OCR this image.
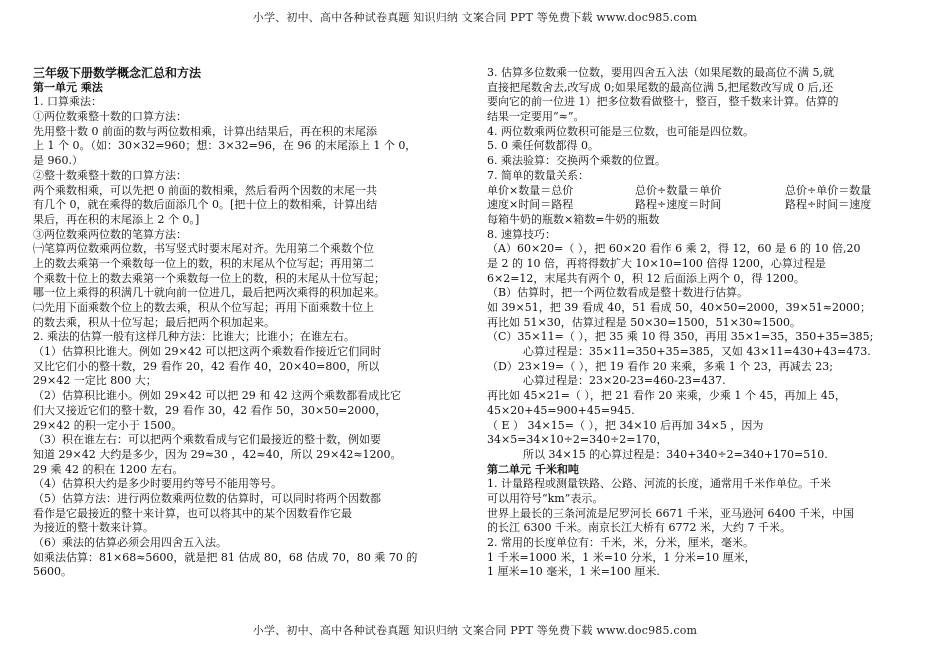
小学、初中、高中各种试卷真题 知识归纳 文案合同 PPT 等免费下载 www.doc985.com
三年级下册数学概念汇总和方法
第一单元 乘法
1. 口算乘法：
①两位数乘整十数的口算方法：
先用整十数 0 前面的数与两位数相乘，计算出结果后，再在积的末尾添
上 1 个 0。（如：30×32=960；想：3×32=96，在 96 的末尾添上 1 个 0，
是 960.）
②整十数乘整十数的口算方法：
两个乘数相乘，可以先把 0 前面的数相乘，然后看两个因数的末尾一共
有几个 0，就在乘得的数后面添几个 0。[把十位上的数相乘，计算出结
果后，再在积的末尾添上 2 个 0。]
③两位数乘两位数的笔算方法：
㈠笔算两位数乘两位数，书写竖式时要末尾对齐。先用第二个乘数个位
上的数去乘第一个乘数每一位上的数，积的末尾从个位写起；再用第二
个乘数十位上的数去乘第一个乘数每一位上的数，积的末尾从十位写起；
哪一位上乘得的积满几十就向前一位进几，最后把两次乘得的积加起来。
㈡先用下面乘数个位上的数去乘，积从个位写起；再用下面乘数十位上
的数去乘，积从十位写起；最后把两个积加起来。
2. 乘法的估算一般有这样几种方法：比谁大；比谁小；在谁左右。
（1）估算积比谁大。例如 29×42 可以把这两个乘数看作接近它们同时
又比它们小的整十数，29 看作 20，42 看作 40，20×40=800，所以
29×42 一定比 800 大；
（2）估算积比谁小。例如 29×42 可以把 29 和 42 这两个乘数都看成比它
们大又接近它们的整十数，29 看作 30，42 看作 50，30×50=2000，
29×42 的积一定小于 1500。
（3）积在谁左右：可以把两个乘数看成与它们最接近的整十数，例如要
知道 29×42 大约是多少，因为 29≈30 ，42≈40，所以 29×42≈1200。
29 乘 42 的积在 1200 左右。
（4）估算积大约是多少时要用约等号不能用等号。
（5）估算方法：进行两位数乘两位数的估算时，可以同时将两个因数都
看作是它最接近的整十来计算，也可以将其中的某个因数看作它最
为接近的整十数来计算。
（6）乘法的估算必须会用四舍五入法。
如乘法估算：81×68≈5600，就是把 81 估成 80，68 估成 70，80 乘 70 的
5600。
3. 估算多位数乘一位数，要用四舍五入法（如果尾数的最高位不满 5,就
直接把尾数舍去,改写成 0;如果尾数的最高位满 5,把尾数改写成 0 后,还
要向它的前一位进 1）把多位数看做整十，整百，整千数来计算。估算的
结果一定要用“≈”。
4. 两位数乘两位数积可能是三位数，也可能是四位数。
5. 0 乘任何数都得 0。
6. 乘法验算：交换两个乘数的位置。
7. 简单的数量关系：
单价×数量＝总价	总价÷数量＝单价	总价÷单价＝数量
速度×时间＝路程	路程÷速度＝时间	路程÷时间＝速度
每箱牛奶的瓶数×箱数=牛奶的瓶数
8. 速算技巧：
（A）60×20=（ ），把 60×20 看作 6 乘 2，得 12，60 是 6 的 10 倍,20
是 2 的 10 倍，再将得数扩大 10×10=100 倍得 1200，心算过程是
6×2=12，末尾共有两个 0，积 12 后面添上两个 0，得 1200。
（B）估算时，把一个两位数看成是整十数进行估算。
如 39×51，把 39 看成 40，51 看成 50，40×50=2000，39×51≈2000；
再比如 51×30，估算过程是 50×30=1500，51×30≈1500。
（C）35×11=（ ），把 35 乘 10 得 350，再用 35×1=35，350+35=385;
心算过程是：35×11=350+35=385，又如 43×11=430+43=473.
（D）23×19=（ ），把 19 看作 20 来乘，多乘 1 个 23，再减去 23;
心算过程是：23×20-23=460-23=437.
再比如 45×21=（ ），把 21 看作 20 来乘，少乘 1 个 45，再加上 45，
45×20+45=900+45=945.
（ E ） 34×15=（ ），把 34×10 后再加 34×5 ，因为
34×5=34×10÷2=340÷2=170，
所以 34×15 的心算过程是：340+340÷2=340+170=510.
第二单元 千米和吨
1. 计量路程或测量铁路、公路、河流的长度，通常用千米作单位。千米
可以用符号“km”表示。
世界上最长的三条河流是尼罗河长 6671 千米，亚马逊河 6400 千米，中国
的长江 6300 千米。南京长江大桥有 6772 米，大约 7 千米。
2. 常用的长度单位有：千米，米，分米，厘米，毫米。
1 千米=1000 米，1 米=10 分米，1 分米=10 厘米，
1 厘米=10 毫米，1 米=100 厘米.
小学、初中、高中各种试卷真题 知识归纳 文案合同 PPT 等免费下载 www.doc985.com
